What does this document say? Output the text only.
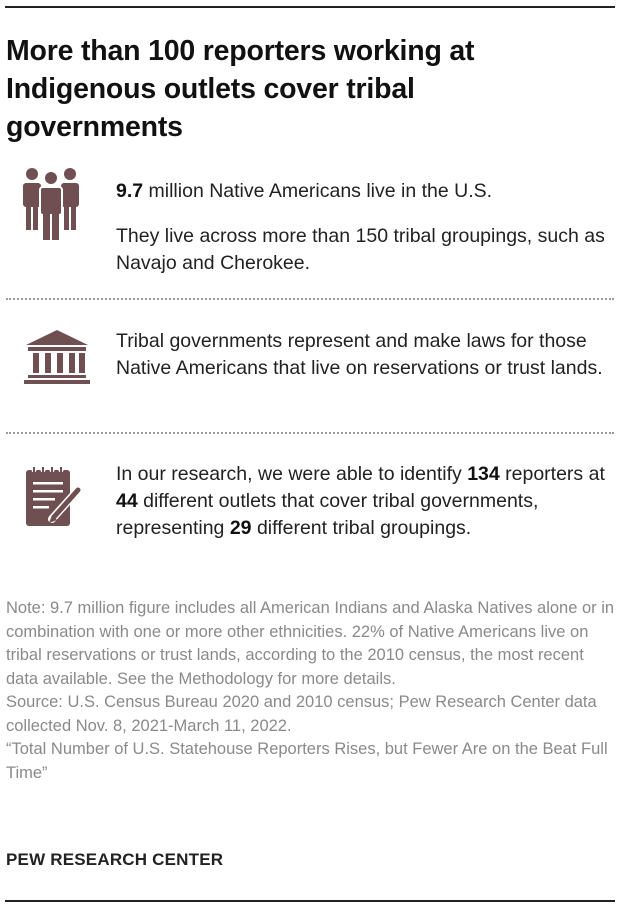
More than 100 reporters working at Indigenous outlets cover tribal governments

9.7 million Native Americans live in the U.S.

They live across more than 150 tribal groupings, such as Navajo and Cherokee.

Tribal governments represent and make laws for those Native Americans that live on reservations or trust lands.

In our research, we were able to identify 134 reporters at 44 different outlets that cover tribal governments, representing 29 different tribal groupings.

Note: 9.7 million figure includes all American Indians and Alaska Natives alone or in combination with one or more other ethnicities. 22% of Native Americans live on tribal reservations or trust lands, according to the 2010 census, the most recent data available. See the Methodology for more details.

Source: U.S. Census Bureau 2020 and 2010 census; Pew Research Center data collected Nov. 8, 2021-March 11, 2022.

“Total Number of U.S. Statehouse Reporters Rises, but Fewer Are on the Beat Full Time”

PEW RESEARCH CENTER
